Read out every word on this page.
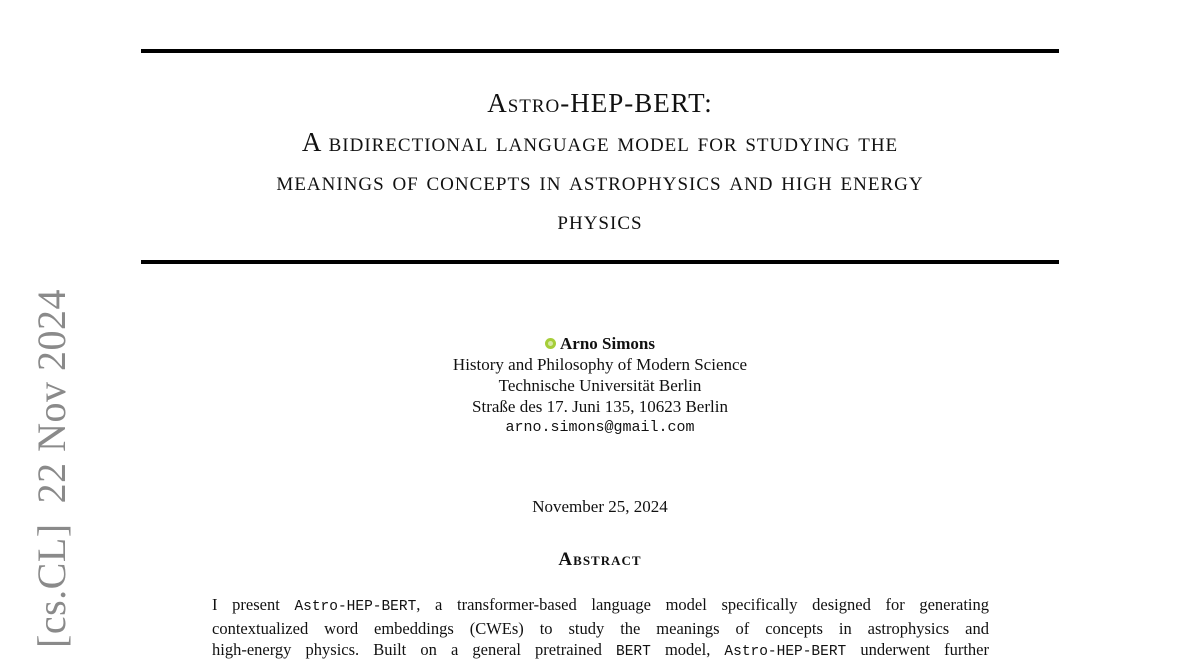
Astro-HEP-BERT:
A bidirectional language model for studying the
meanings of concepts in astrophysics and high energy
physics
[cs.CL]22 Nov 2024	Arno Simons
History and Philosophy of Modern Science
Technische Universität Berlin
Straße des 17. Juni 135, 10623 Berlin
arno.simons@gmail.com
November 25, 2024
Abstract
I present Astro-HEP-BERT, a transformer-based language model specifically designed for generating
contextualized word embeddings (CWEs) to study the meanings of concepts in astrophysics and
high-energy physics. Built on a general pretrained BERT model, Astro-HEP-BERT underwent further
